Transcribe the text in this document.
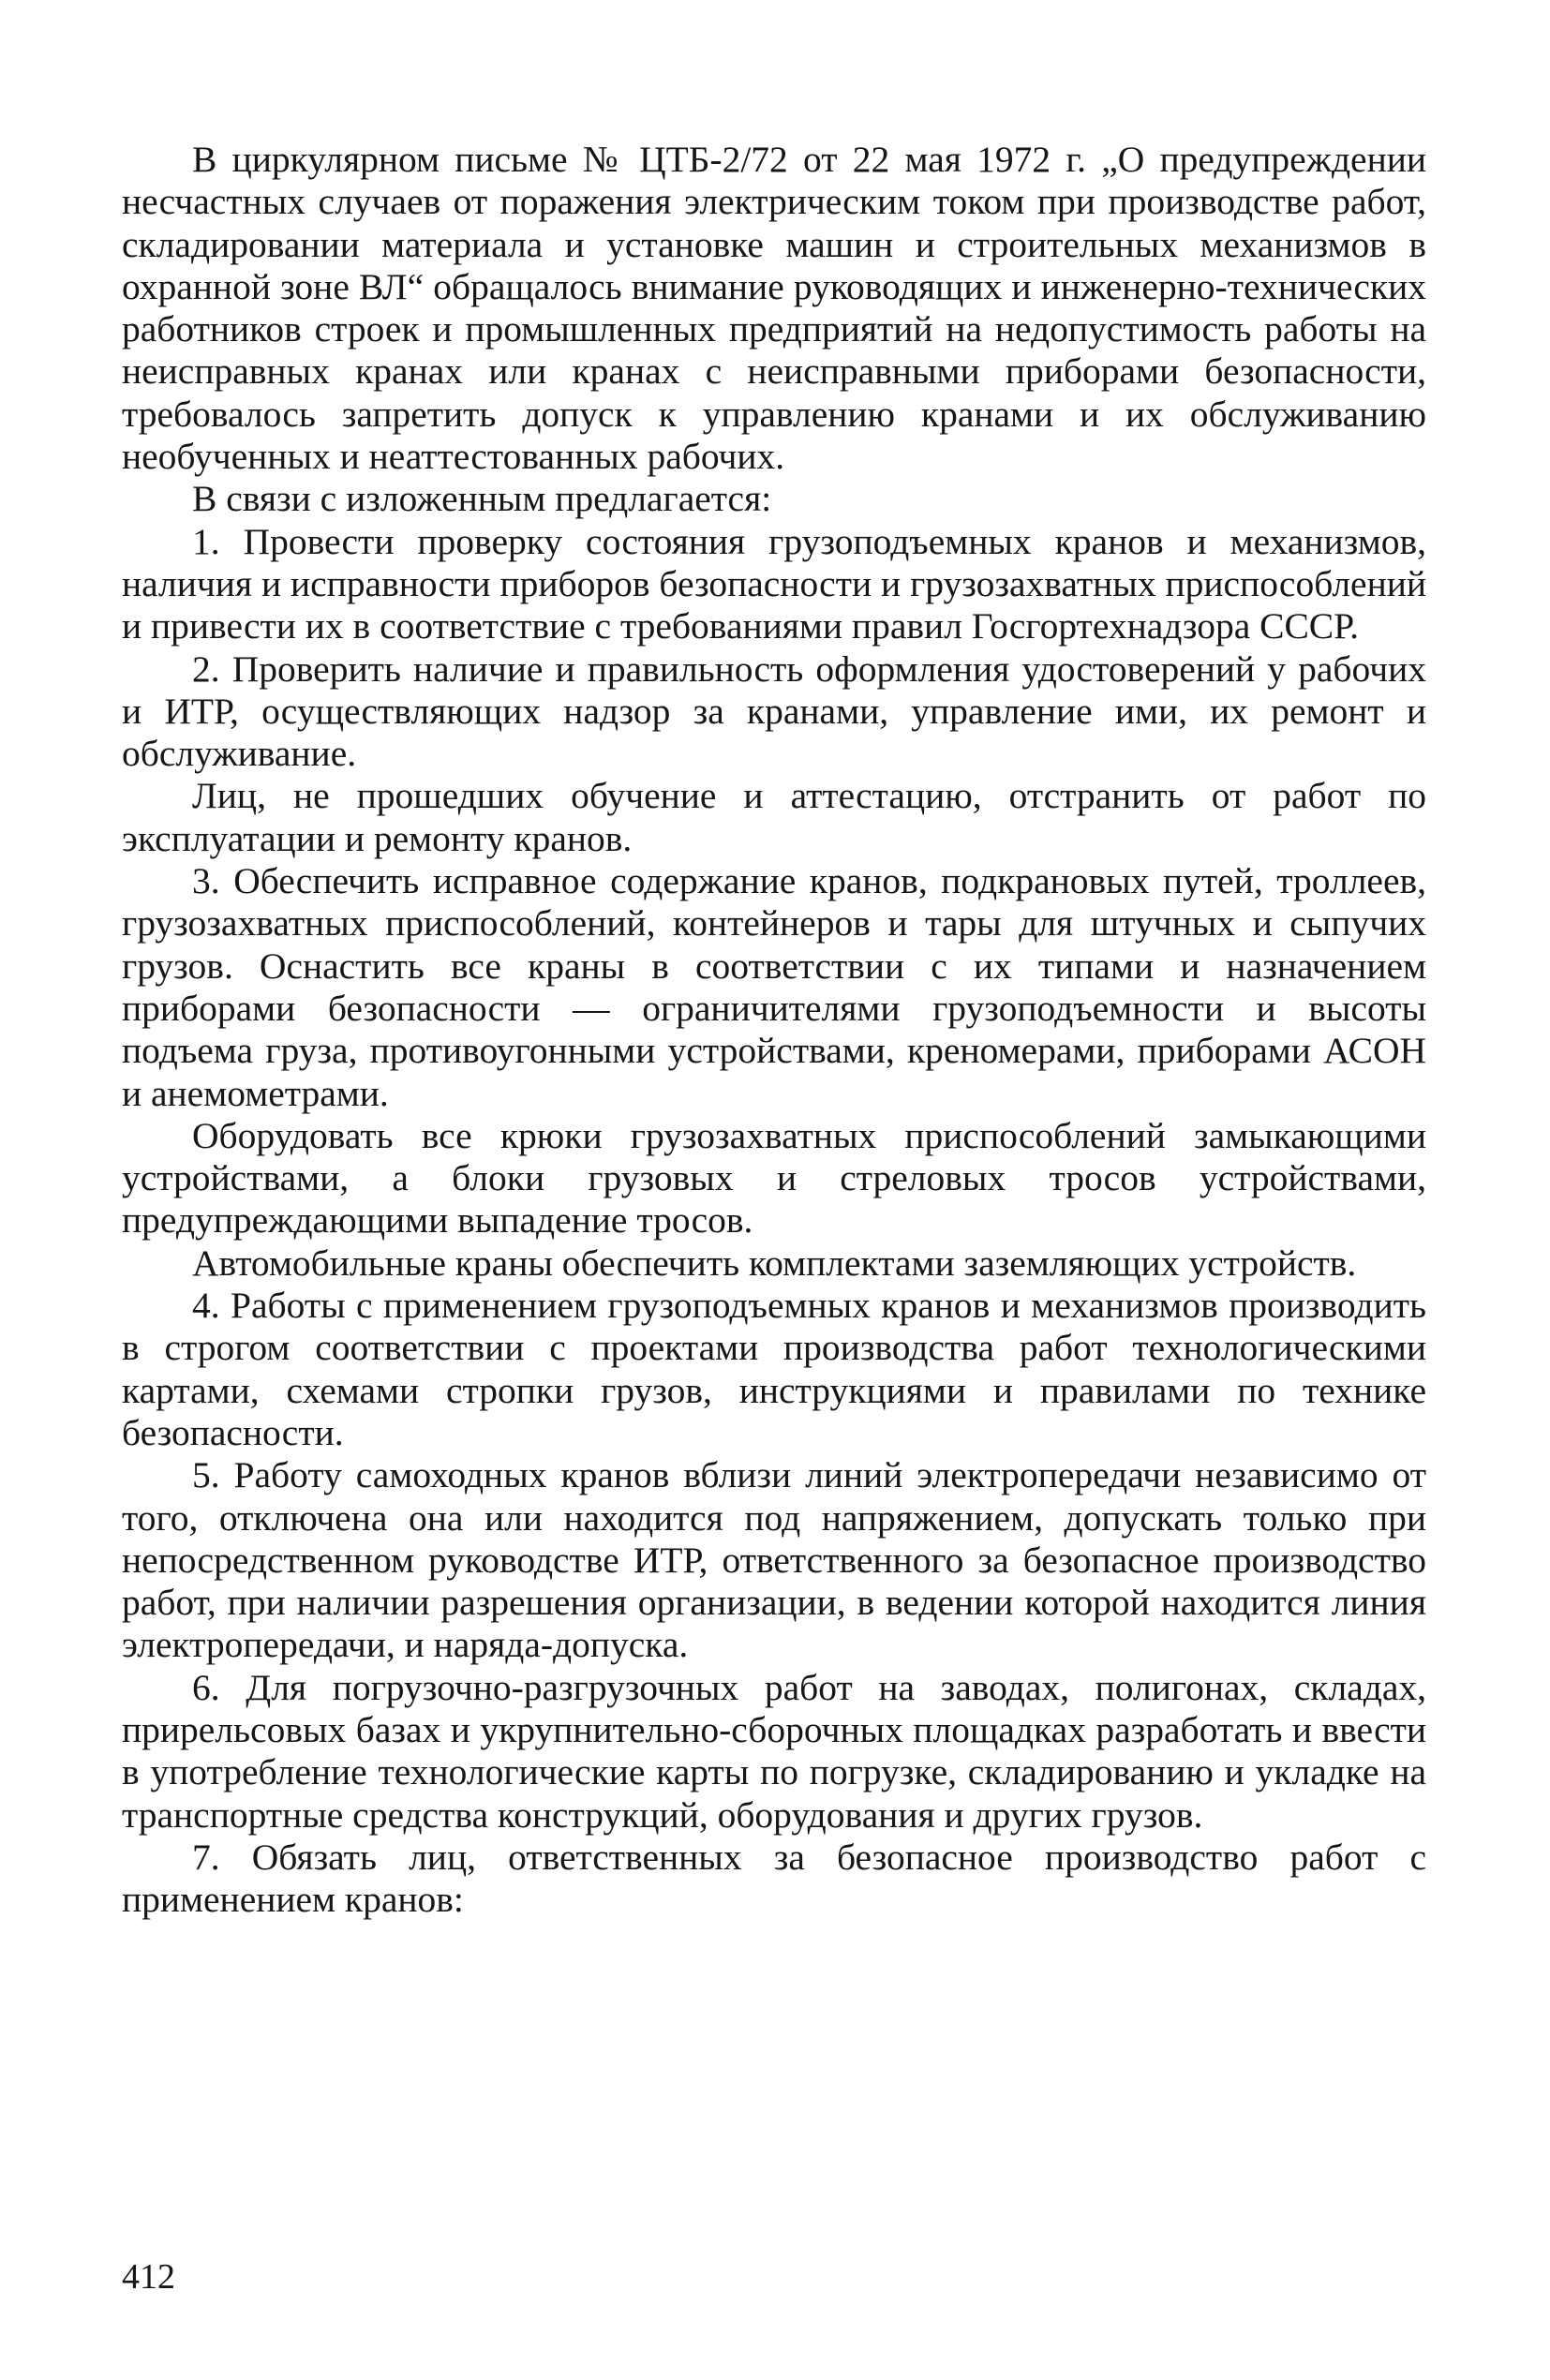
В циркулярном письме № ЦТБ-2/72 от 22 мая 1972 г. „О предупреждении несчастных случаев от поражения электрическим током при производстве работ, складировании материала и установке машин и строительных механизмов в охранной зоне ВЛ“ обращалось внимание руководящих и инженерно-технических работников строек и промышленных предприятий на недопустимость работы на неисправных кранах или кранах с неисправными приборами безопасности, требовалось запретить допуск к управлению кранами и их обслуживанию необученных и неаттестованных рабочих.

В связи с изложенным предлагается:

1. Провести проверку состояния грузоподъемных кранов и механизмов, наличия и исправности приборов безопасности и грузозахватных приспособлений и привести их в соответствие с требованиями правил Госгортехнадзора СССР.

2. Проверить наличие и правильность оформления удостоверений у рабочих и ИТР, осуществляющих надзор за кранами, управление ими, их ремонт и обслуживание.

Лиц, не прошедших обучение и аттестацию, отстранить от работ по эксплуатации и ремонту кранов.

3. Обеспечить исправное содержание кранов, подкрановых путей, троллеев, грузозахватных приспособлений, контейнеров и тары для штучных и сыпучих грузов. Оснастить все краны в соответствии с их типами и назначением приборами безопасности — ограничителями грузоподъемности и высоты подъема груза, противоугонными устройствами, креномерами, приборами АСОН и анемометрами.

Оборудовать все крюки грузозахватных приспособлений замыкающими устройствами, а блоки грузовых и стреловых тросов устройствами, предупреждающими выпадение тросов.

Автомобильные краны обеспечить комплектами заземляющих устройств.

4. Работы с применением грузоподъемных кранов и механизмов производить в строгом соответствии с проектами производства работ технологическими картами, схемами стропки грузов, инструкциями и правилами по технике безопасности.

5. Работу самоходных кранов вблизи линий электропередачи независимо от того, отключена она или находится под напряжением, допускать только при непосредственном руководстве ИТР, ответственного за безопасное производство работ, при наличии разрешения организации, в ведении которой находится линия электропередачи, и наряда-допуска.

6. Для погрузочно-разгрузочных работ на заводах, полигонах, складах, прирельсовых базах и укрупнительно-сборочных площадках разработать и ввести в употребление технологические карты по погрузке, складированию и укладке на транспортные средства конструкций, оборудования и других грузов.

7. Обязать лиц, ответственных за безопасное производство работ с применением кранов:

412
